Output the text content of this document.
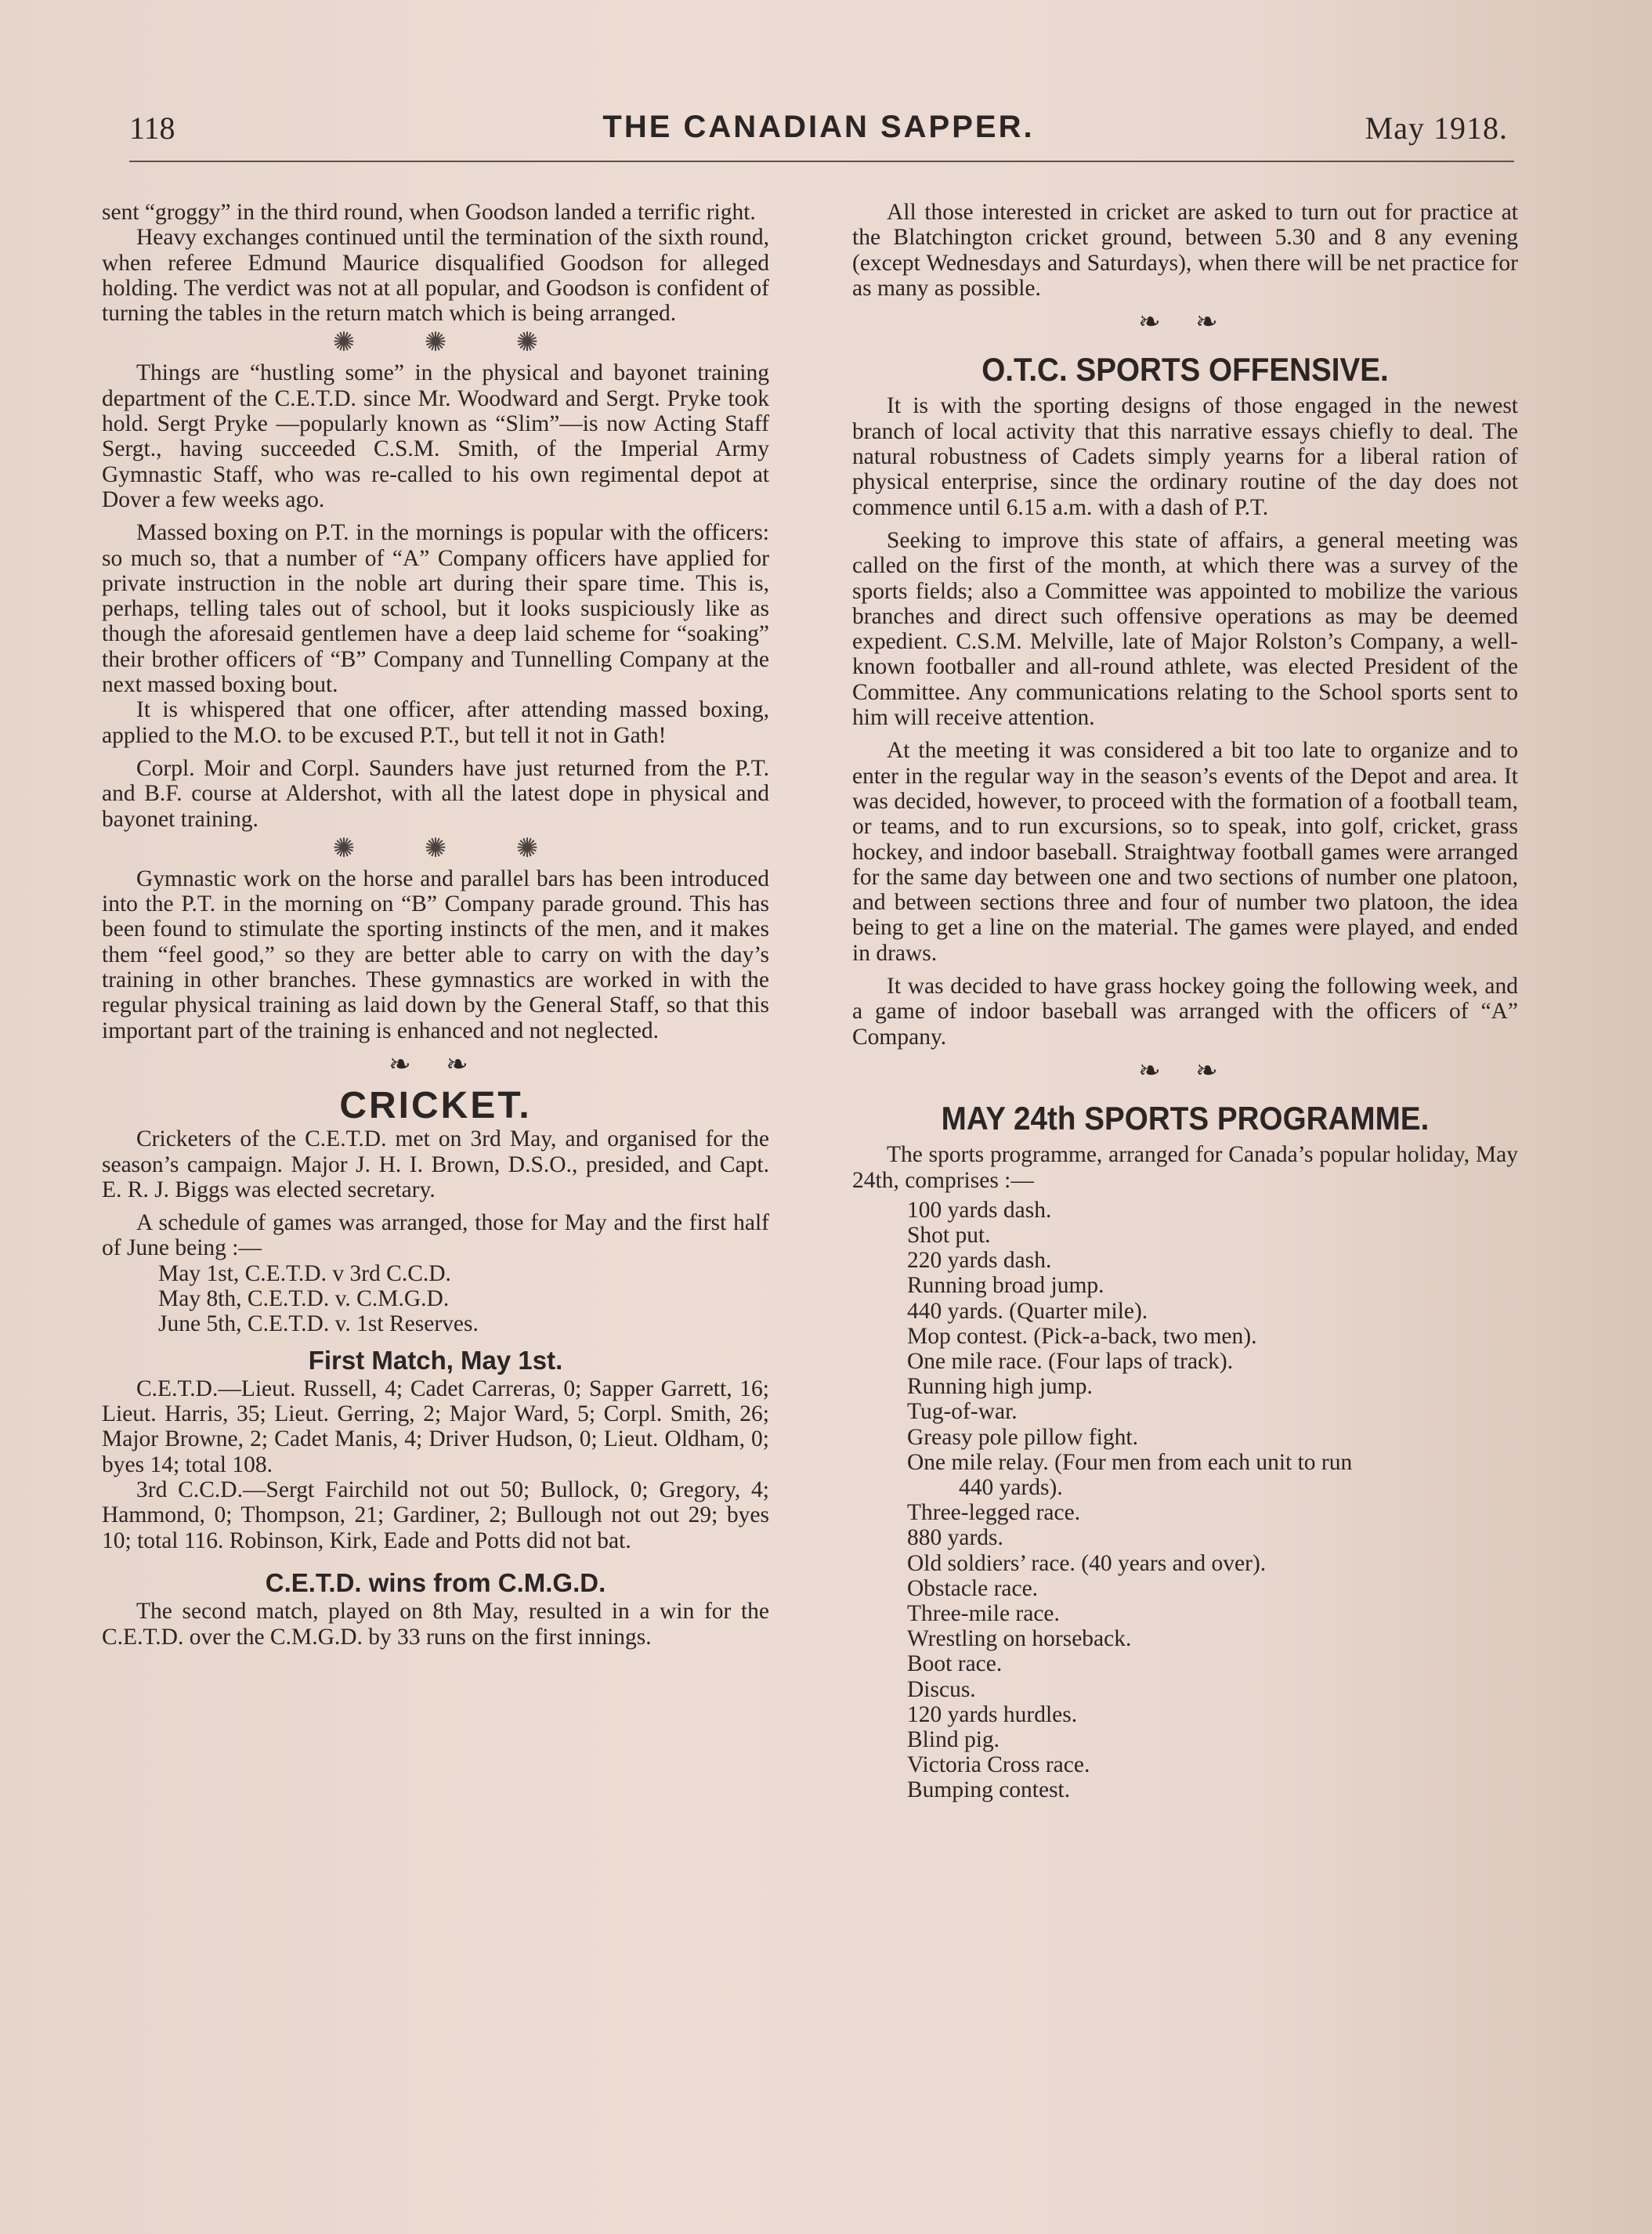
118	THE CANADIAN SAPPER.	May 1918.

sent “groggy” in the third round, when Goodson landed a terrific right.

Heavy exchanges continued until the termination of the sixth round, when referee Edmund Maurice disqualified Goodson for alleged holding. The verdict was not at all popular, and Goodson is confident of turning the tables in the return match which is being arranged.

✺ ✺ ✺

Things are “hustling some” in the physical and bayonet training department of the C.E.T.D. since Mr. Woodward and Sergt. Pryke took hold. Sergt Pryke —popularly known as “Slim”—is now Acting Staff Sergt., having succeeded C.S.M. Smith, of the Imperial Army Gymnastic Staff, who was re-called to his own regimental depot at Dover a few weeks ago.

Massed boxing on P.T. in the mornings is popular with the officers: so much so, that a number of “A” Company officers have applied for private instruction in the noble art during their spare time. This is, perhaps, telling tales out of school, but it looks suspiciously like as though the aforesaid gentlemen have a deep laid scheme for “soaking” their brother officers of “B” Company and Tunnelling Company at the next massed boxing bout.

It is whispered that one officer, after attending massed boxing, applied to the M.O. to be excused P.T., but tell it not in Gath!

Corpl. Moir and Corpl. Saunders have just returned from the P.T. and B.F. course at Aldershot, with all the latest dope in physical and bayonet training.

✺ ✺ ✺

Gymnastic work on the horse and parallel bars has been introduced into the P.T. in the morning on “B” Company parade ground. This has been found to stimulate the sporting instincts of the men, and it makes them “feel good,” so they are better able to carry on with the day’s training in other branches. These gymnastics are worked in with the regular physical training as laid down by the General Staff, so that this important part of the training is enhanced and not neglected.

❧ ❧
CRICKET.

Cricketers of the C.E.T.D. met on 3rd May, and organised for the season’s campaign. Major J. H. I. Brown, D.S.O., presided, and Capt. E. R. J. Biggs was elected secretary.

A schedule of games was arranged, those for May and the first half of June being :—

May 1st, C.E.T.D. v 3rd C.C.D.
May 8th, C.E.T.D. v. C.M.G.D.
June 5th, C.E.T.D. v. 1st Reserves.
First Match, May 1st.

C.E.T.D.—Lieut. Russell, 4; Cadet Carreras, 0; Sapper Garrett, 16; Lieut. Harris, 35; Lieut. Gerring, 2; Major Ward, 5; Corpl. Smith, 26; Major Browne, 2; Cadet Manis, 4; Driver Hudson, 0; Lieut. Oldham, 0; byes 14; total 108.

3rd C.C.D.—Sergt Fairchild not out 50; Bullock, 0; Gregory, 4; Hammond, 0; Thompson, 21; Gardiner, 2; Bullough not out 29; byes 10; total 116. Robinson, Kirk, Eade and Potts did not bat.

C.E.T.D. wins from C.M.G.D.

The second match, played on 8th May, resulted in a win for the C.E.T.D. over the C.M.G.D. by 33 runs on the first innings.

All those interested in cricket are asked to turn out for practice at the Blatchington cricket ground, between 5.30 and 8 any evening (except Wednesdays and Saturdays), when there will be net practice for as many as possible.

❧ ❧
O.T.C. SPORTS OFFENSIVE.

It is with the sporting designs of those engaged in the newest branch of local activity that this narrative essays chiefly to deal. The natural robustness of Cadets simply yearns for a liberal ration of physical enterprise, since the ordinary routine of the day does not commence until 6.15 a.m. with a dash of P.T.

Seeking to improve this state of affairs, a general meeting was called on the first of the month, at which there was a survey of the sports fields; also a Committee was appointed to mobilize the various branches and direct such offensive operations as may be deemed expedient. C.S.M. Melville, late of Major Rolston’s Company, a well-known footballer and all-round athlete, was elected President of the Committee. Any communications relating to the School sports sent to him will receive attention.

At the meeting it was considered a bit too late to organize and to enter in the regular way in the season’s events of the Depot and area. It was decided, however, to proceed with the formation of a football team, or teams, and to run excursions, so to speak, into golf, cricket, grass hockey, and indoor baseball. Straightway football games were arranged for the same day between one and two sections of number one platoon, and between sections three and four of number two platoon, the idea being to get a line on the material. The games were played, and ended in draws.

It was decided to have grass hockey going the following week, and a game of indoor baseball was arranged with the officers of “A” Company.

❧ ❧
MAY 24th SPORTS PROGRAMME.

The sports programme, arranged for Canada’s popular holiday, May 24th, comprises :—

100 yards dash.
Shot put.
220 yards dash.
Running broad jump.
440 yards. (Quarter mile).
Mop contest. (Pick-a-back, two men).
One mile race. (Four laps of track).
Running high jump.
Tug-of-war.
Greasy pole pillow fight.
One mile relay. (Four men from each unit to run
440 yards).
Three-legged race.
880 yards.
Old soldiers’ race. (40 years and over).
Obstacle race.
Three-mile race.
Wrestling on horseback.
Boot race.
Discus.
120 yards hurdles.
Blind pig.
Victoria Cross race.
Bumping contest.
